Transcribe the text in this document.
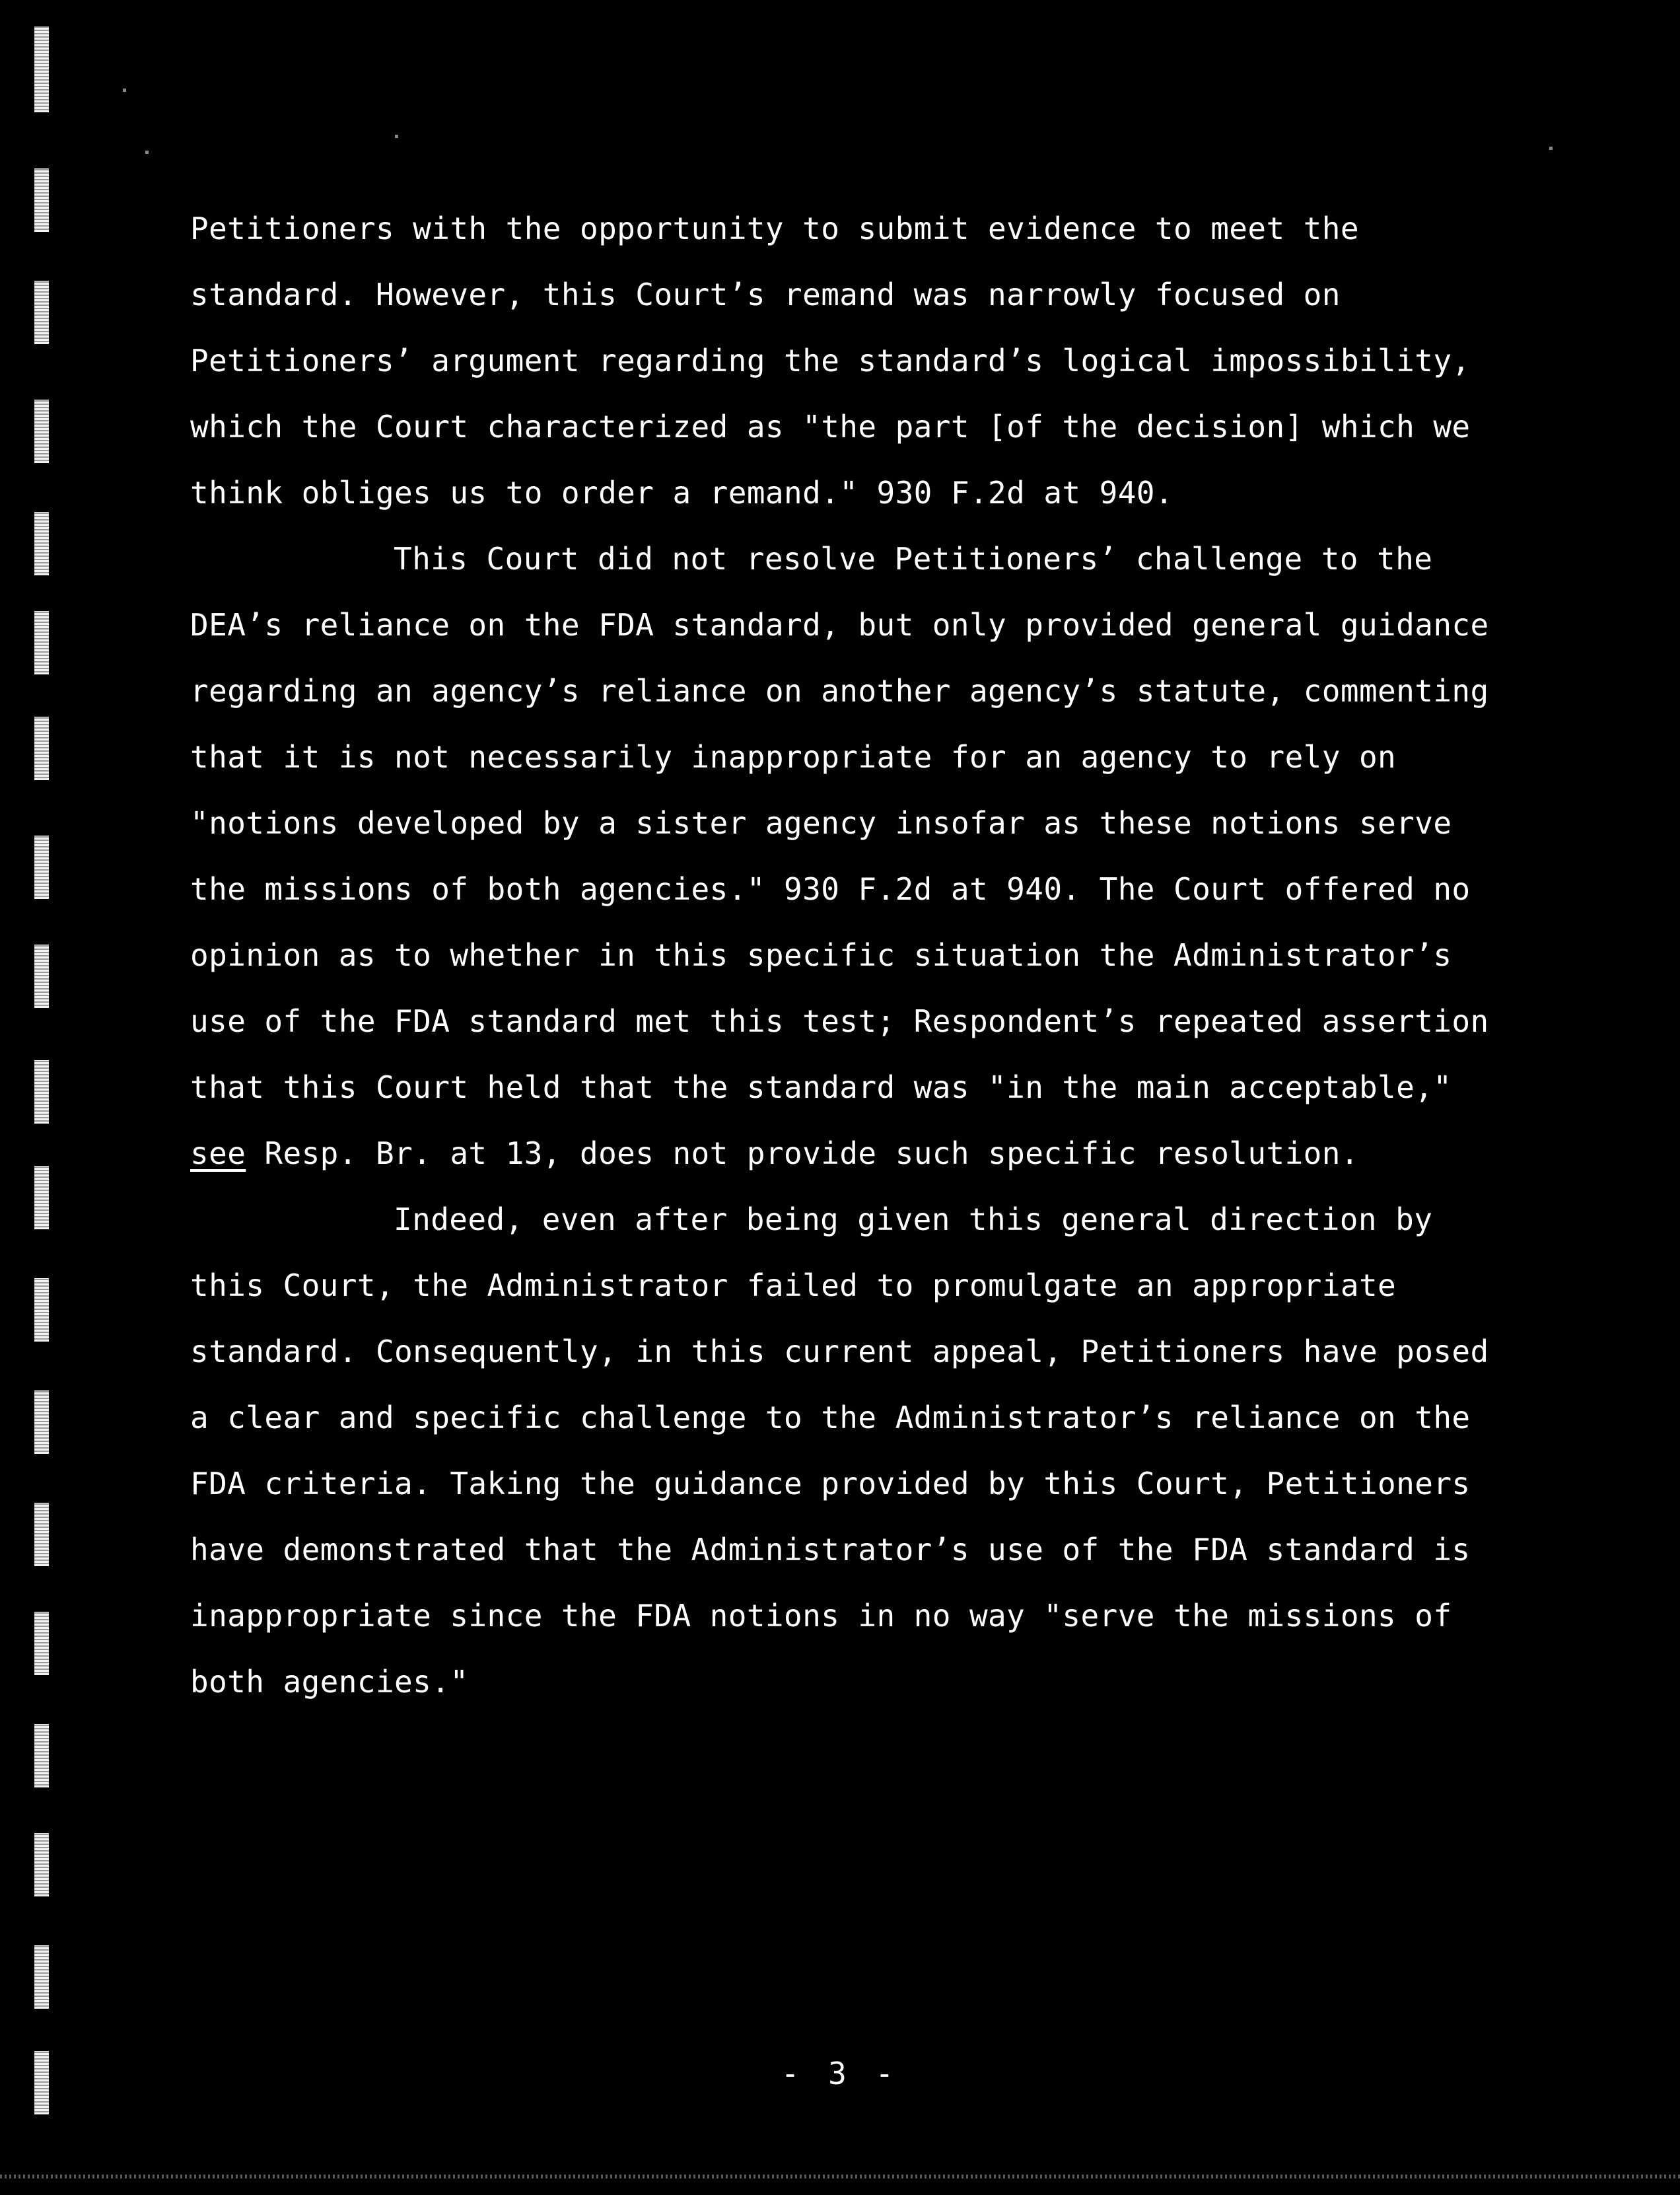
Petitioners with the opportunity to submit evidence to meet the standard. However, this Court’s remand was narrowly focused on Petitioners’ argument regarding the standard’s logical impossibility, which the Court characterized as "the part [of the decision] which we think obliges us to order a remand." 930 F.2d at 940.

This Court did not resolve Petitioners’ challenge to the DEA’s reliance on the FDA standard, but only provided general guidance regarding an agency’s reliance on another agency’s statute, commenting that it is not necessarily inappropriate for an agency to rely on "notions developed by a sister agency insofar as these notions serve the missions of both agencies." 930 F.2d at 940. The Court offered no opinion as to whether in this specific situation the Administrator’s use of the FDA standard met this test; Respondent’s repeated assertion that this Court held that the standard was "in the main acceptable," see Resp. Br. at 13, does not provide such specific resolution.

Indeed, even after being given this general direction by this Court, the Administrator failed to promulgate an appropriate standard. Consequently, in this current appeal, Petitioners have posed a clear and specific challenge to the Administrator’s reliance on the FDA criteria. Taking the guidance provided by this Court, Petitioners have demonstrated that the Administrator’s use of the FDA standard is inappropriate since the FDA notions in no way "serve the missions of both agencies."

- 3 -
